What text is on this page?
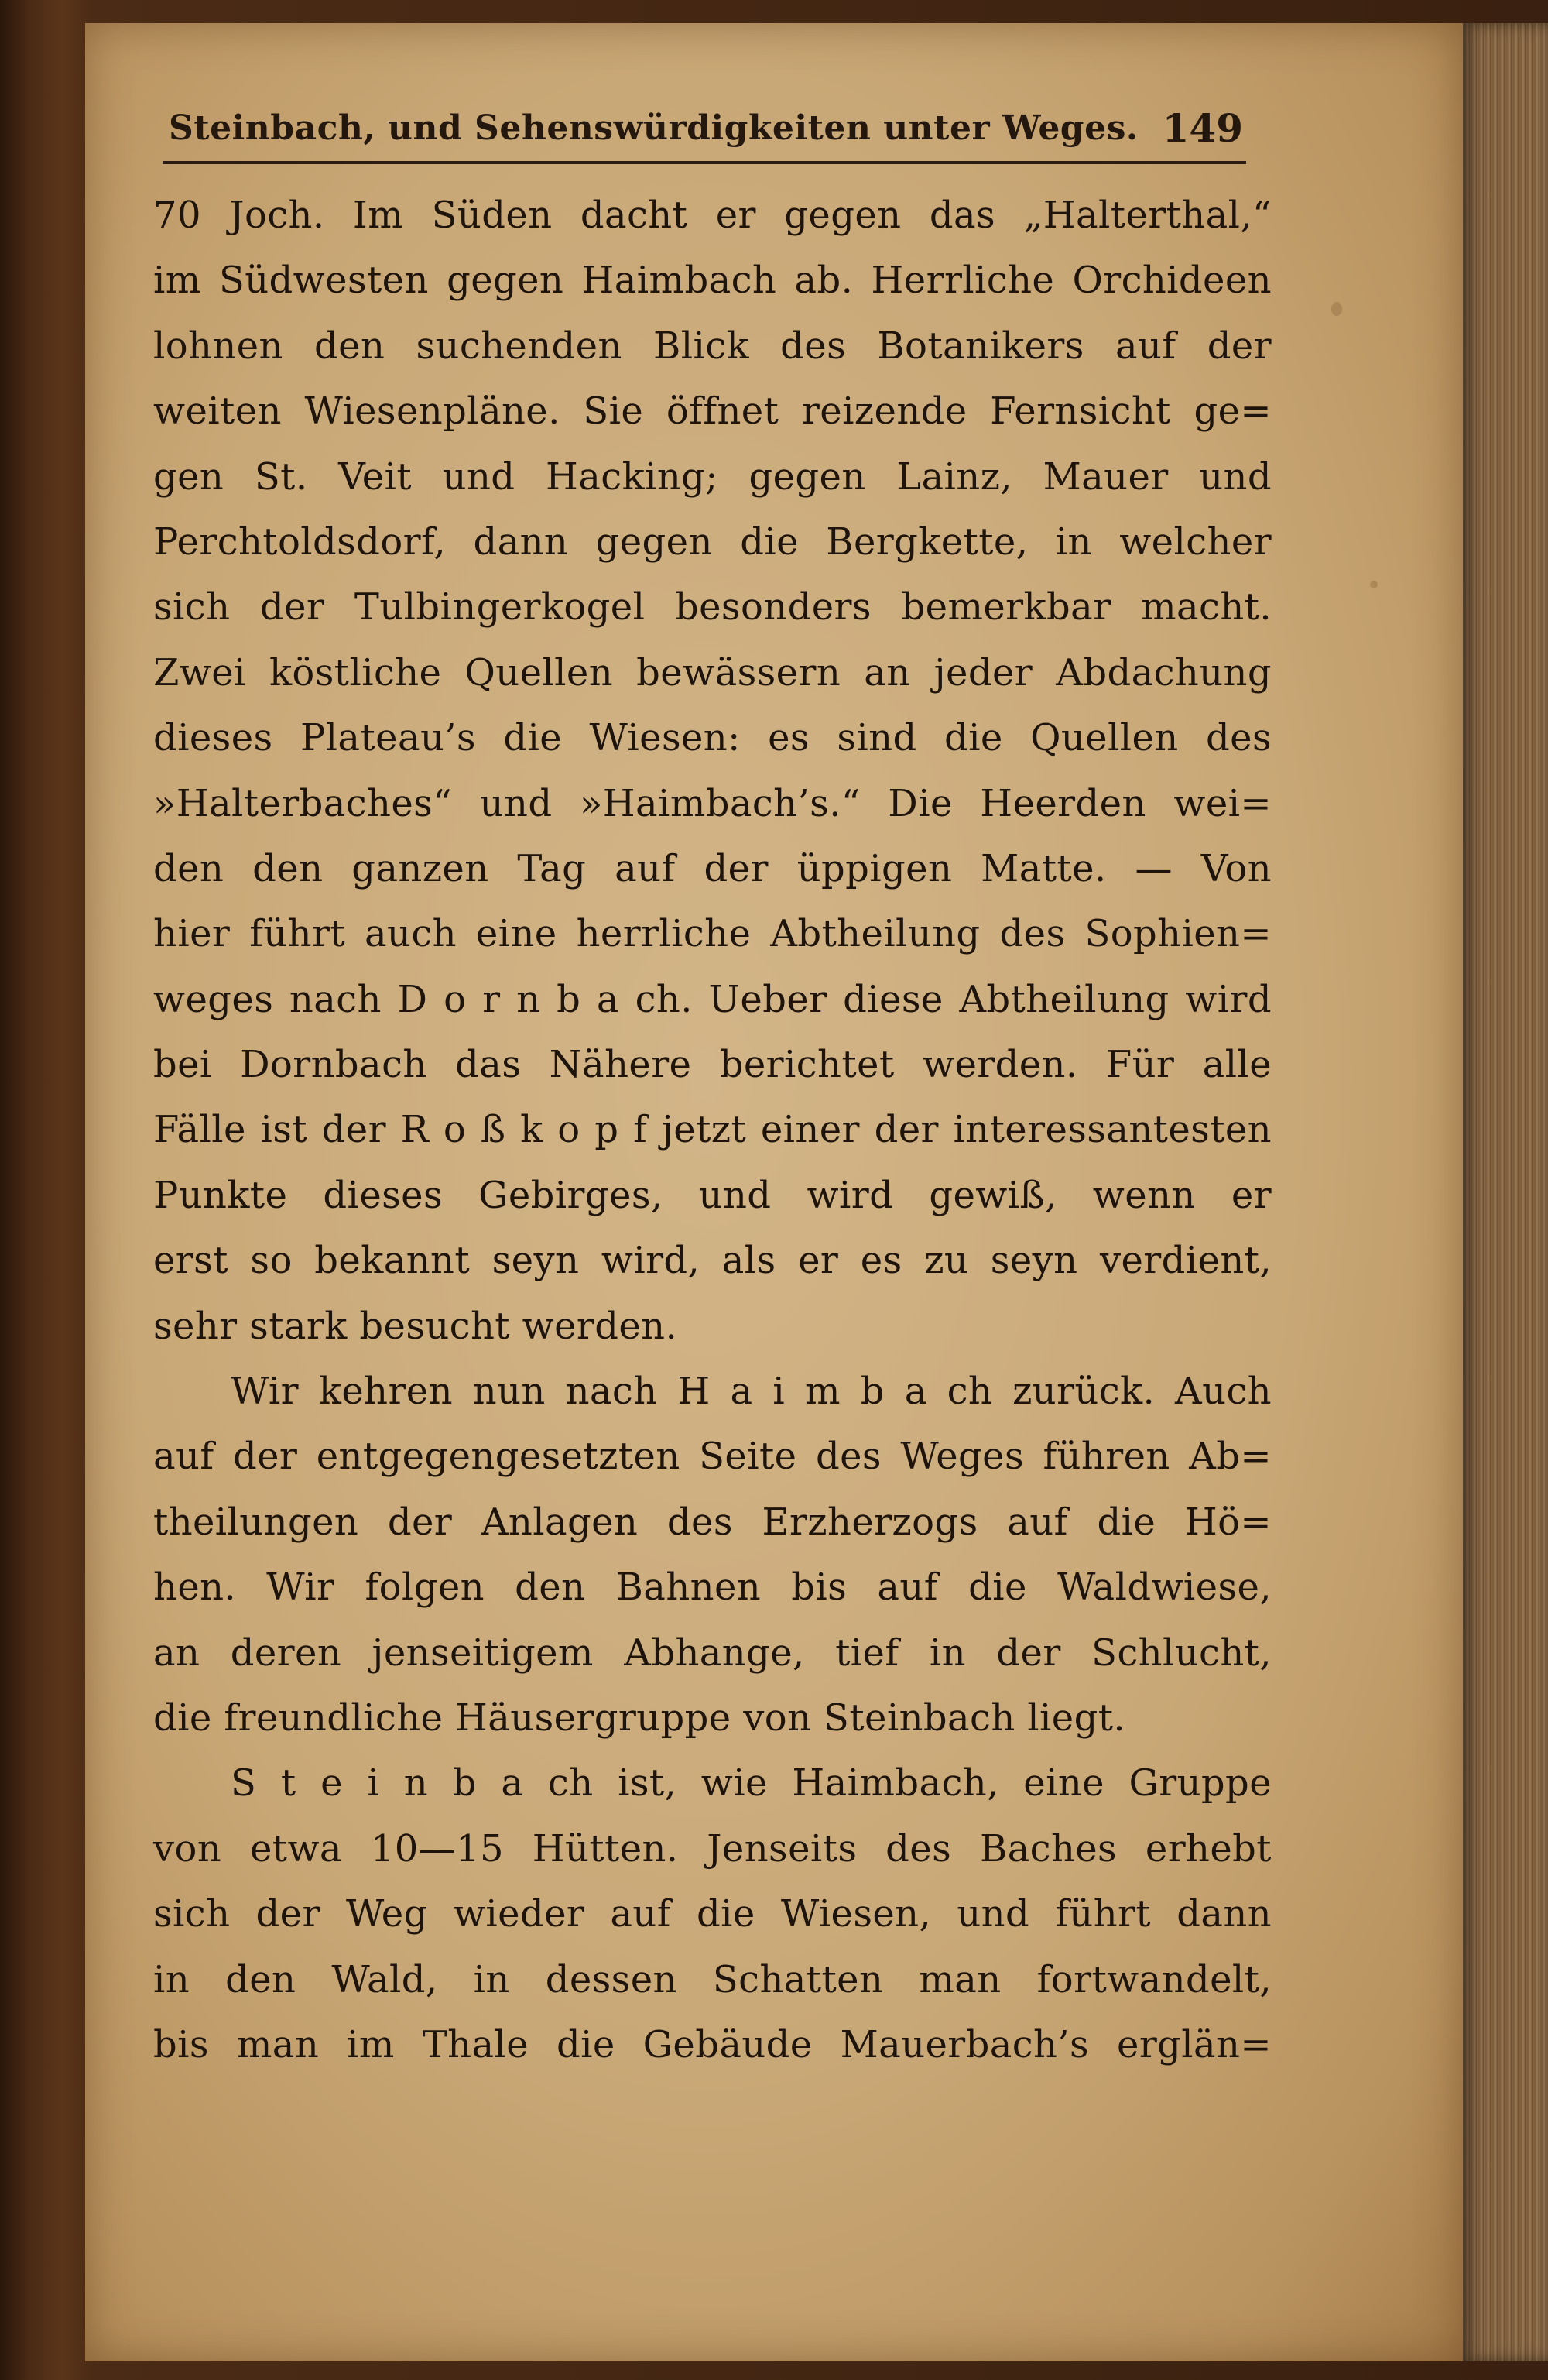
Steinbach, und Sehenswürdigkeiten unter Weges. 149
70 Joch. Im Süden dacht er gegen das „Halterthal,“
im Südwesten gegen Haimbach ab. Herrliche Orchideen
lohnen den suchenden Blick des Botanikers auf der
weiten Wiesenpläne. Sie öffnet reizende Fernsicht ge=
gen St. Veit und Hacking; gegen Lainz, Mauer und
Perchtoldsdorf, dann gegen die Bergkette, in welcher
sich der Tulbingerkogel besonders bemerkbar macht.
Zwei köstliche Quellen bewässern an jeder Abdachung
dieses Plateau’s die Wiesen: es sind die Quellen des
»Halterbaches“ und »Haimbach’s.“ Die Heerden wei=
den den ganzen Tag auf der üppigen Matte. — Von
hier führt auch eine herrliche Abtheilung des Sophien=
weges nach D o r n b a ch. Ueber diese Abtheilung wird
bei Dornbach das Nähere berichtet werden. Für alle
Fälle ist der R o ß k o p f jetzt einer der interessantesten
Punkte dieses Gebirges, und wird gewiß, wenn er
erst so bekannt seyn wird, als er es zu seyn verdient,
sehr stark besucht werden.
Wir kehren nun nach H a i m b a ch zurück. Auch
auf der entgegengesetzten Seite des Weges führen Ab=
theilungen der Anlagen des Erzherzogs auf die Hö=
hen. Wir folgen den Bahnen bis auf die Waldwiese,
an deren jenseitigem Abhange, tief in der Schlucht,
die freundliche Häusergruppe von Steinbach liegt.
S t e i n b a ch ist, wie Haimbach, eine Gruppe
von etwa 10—15 Hütten. Jenseits des Baches erhebt
sich der Weg wieder auf die Wiesen, und führt dann
in den Wald, in dessen Schatten man fortwandelt,
bis man im Thale die Gebäude Mauerbach’s erglän=
